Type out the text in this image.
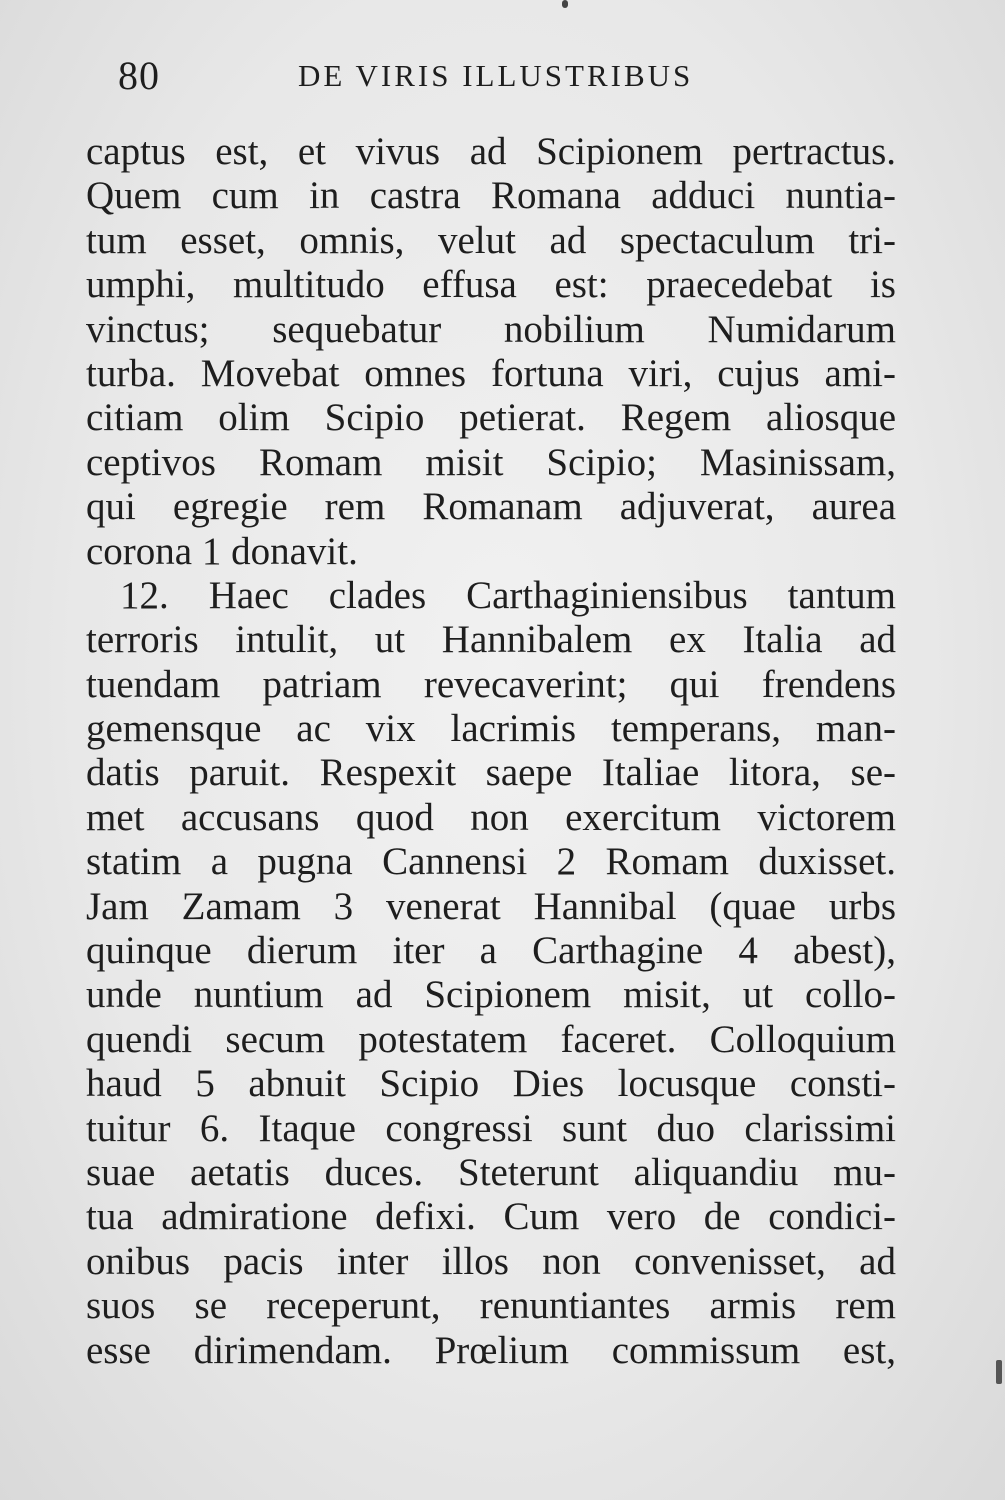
80	DE VIRIS ILLUSTRIBUS
captus est, et vivus ad Scipionem pertractus.
Quem cum in castra Romana adduci nuntia-
tum esset, omnis, velut ad spectaculum tri-
umphi, multitudo effusa est: praecedebat is
vinctus; sequebatur nobilium Numidarum
turba. Movebat omnes fortuna viri, cujus ami-
citiam olim Scipio petierat. Regem aliosque
ceptivos Romam misit Scipio; Masinissam,
qui egregie rem Romanam adjuverat, aurea
corona 1 donavit.
12. Haec clades Carthaginiensibus tantum
terroris intulit, ut Hannibalem ex Italia ad
tuendam patriam revecaverint; qui frendens
gemensque ac vix lacrimis temperans, man-
datis paruit. Respexit saepe Italiae litora, se-
met accusans quod non exercitum victorem
statim a pugna Cannensi 2 Romam duxisset.
Jam Zamam 3 venerat Hannibal (quae urbs
quinque dierum iter a Carthagine 4 abest),
unde nuntium ad Scipionem misit, ut collo-
quendi secum potestatem faceret. Colloquium
haud 5 abnuit Scipio Dies locusque consti-
tuitur 6. Itaque congressi sunt duo clarissimi
suae aetatis duces. Steterunt aliquandiu mu-
tua admiratione defixi. Cum vero de condici-
onibus pacis inter illos non convenisset, ad
suos se receperunt, renuntiantes armis rem
esse dirimendam. Prœlium commissum est,
